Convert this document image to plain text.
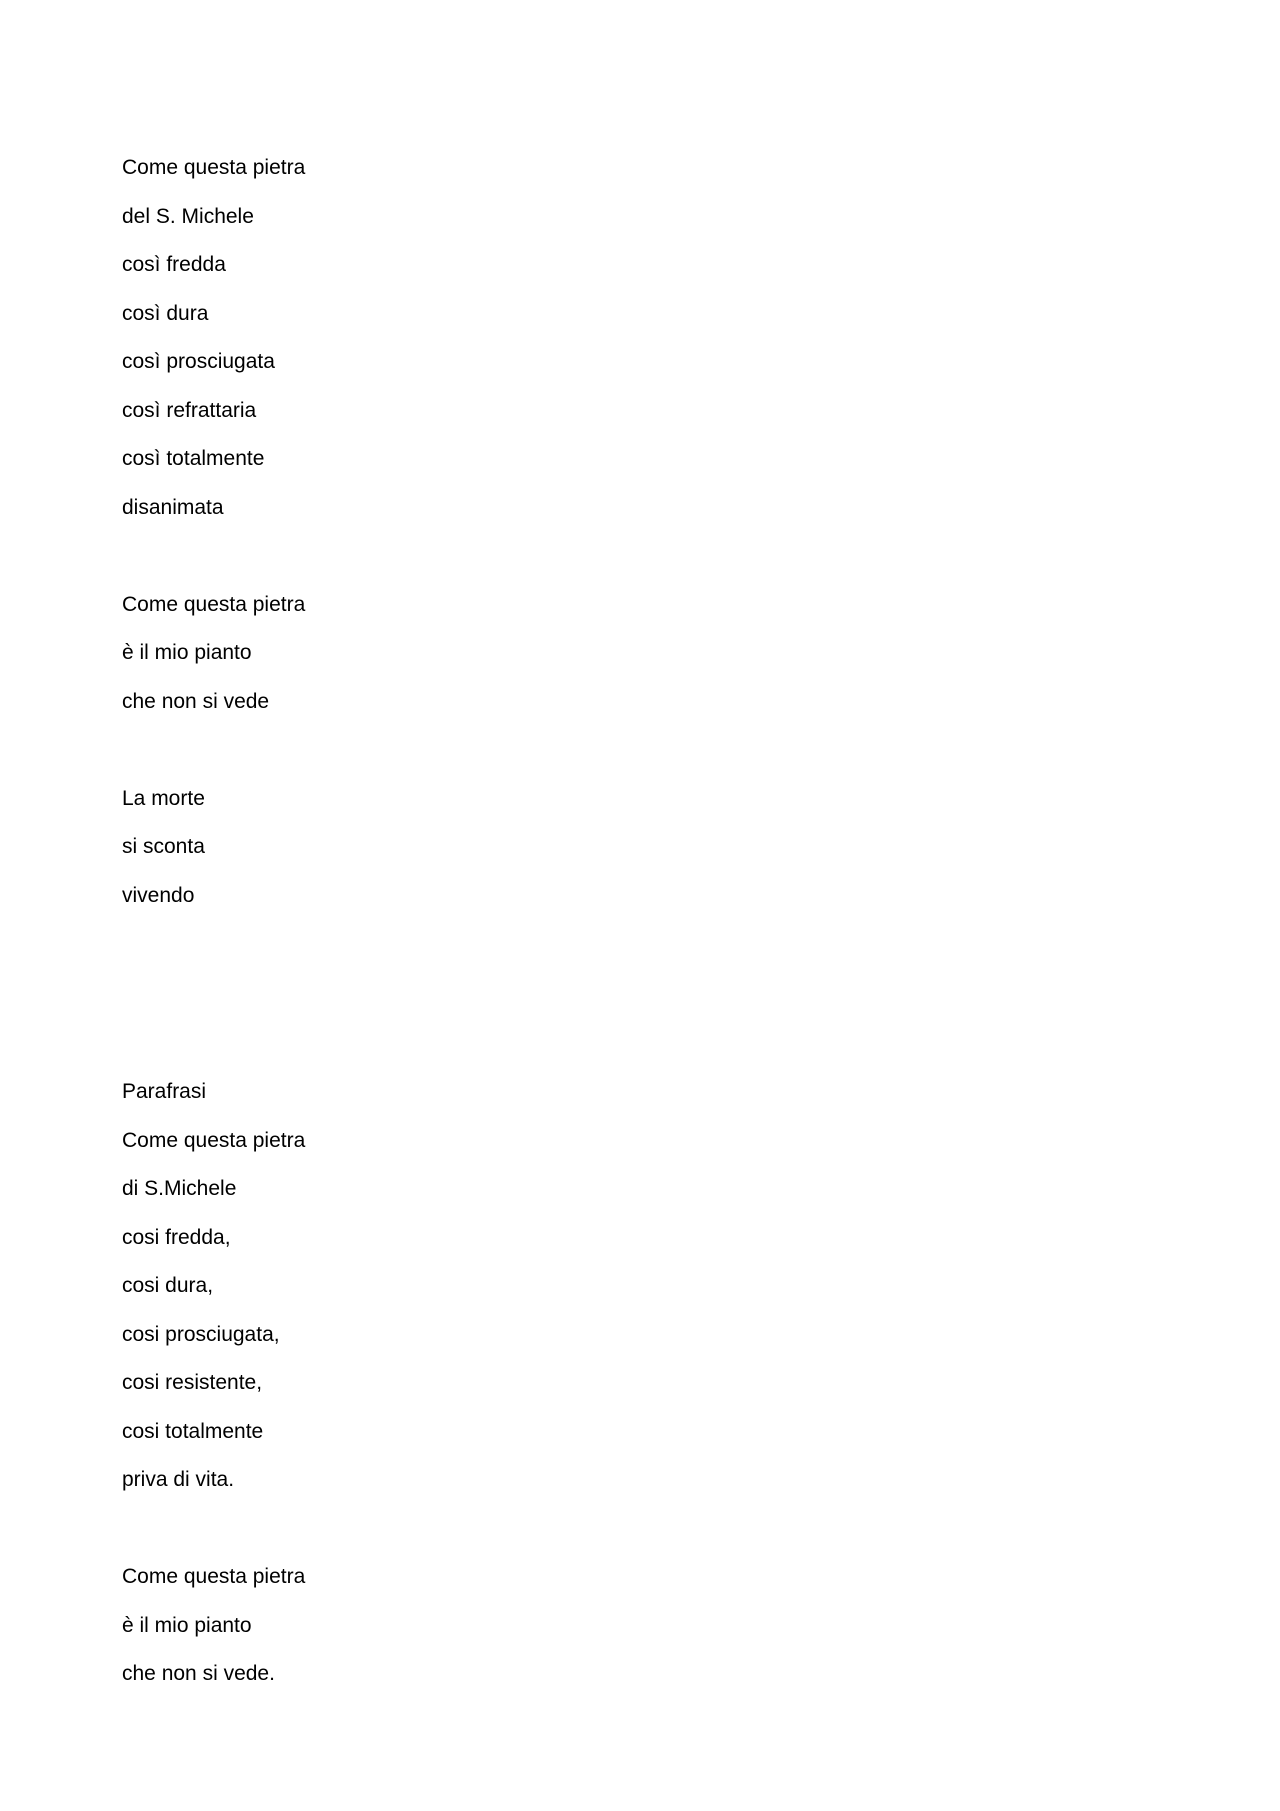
Come questa pietra
del S. Michele
così fredda
così dura
così prosciugata
così refrattaria
così totalmente
disanimata
Come questa pietra
è il mio pianto
che non si vede
La morte
si sconta
vivendo
Parafrasi
Come questa pietra
di S.Michele
cosi fredda,
cosi dura,
cosi prosciugata,
cosi resistente,
cosi totalmente
priva di vita.
Come questa pietra
è il mio pianto
che non si vede.
